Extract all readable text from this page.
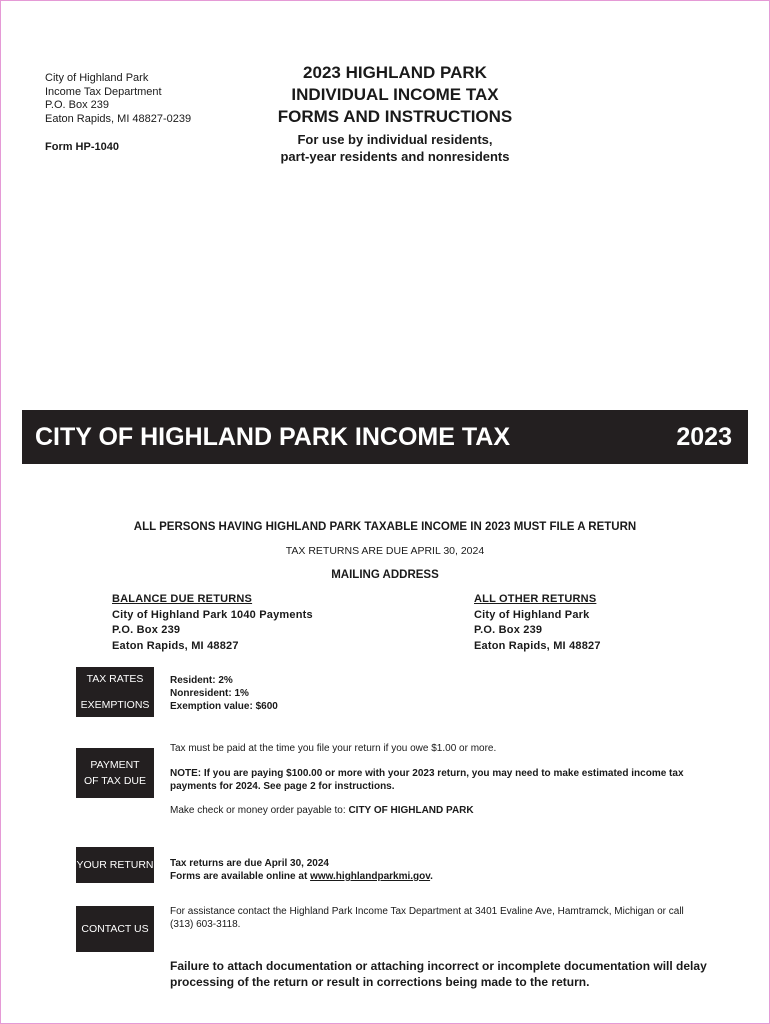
City of Highland Park
Income Tax Department
P.O. Box 239
Eaton Rapids, MI 48827-0239
Form HP-1040
2023 HIGHLAND PARK
INDIVIDUAL INCOME TAX
FORMS AND INSTRUCTIONS
For use by individual residents,
part-year residents and nonresidents
CITY OF HIGHLAND PARK INCOME TAX	2023
ALL PERSONS HAVING HIGHLAND PARK TAXABLE INCOME IN 2023 MUST FILE A RETURN
TAX RETURNS ARE DUE APRIL 30, 2024
MAILING ADDRESS
BALANCE DUE RETURNS
City of Highland Park 1040 Payments
P.O. Box 239
Eaton Rapids, MI 48827
ALL OTHER RETURNS
City of Highland Park
P.O. Box 239
Eaton Rapids, MI 48827
TAX RATES
EXEMPTIONS
Resident: 2%
Nonresident: 1%
Exemption value: $600
PAYMENT
OF TAX DUE
Tax must be paid at the time you file your return if you owe $1.00 or more.
NOTE: If you are paying $100.00 or more with your 2023 return, you may need to make estimated income tax
payments for 2024. See page 2 for instructions.
Make check or money order payable to: CITY OF HIGHLAND PARK
YOUR RETURN Tax returns are due April 30, 2024
Forms are available online at www.highlandparkmi.gov.
CONTACT US
For assistance contact the Highland Park Income Tax Department at 3401 Evaline Ave, Hamtramck, Michigan or call
(313) 603-3118.
Failure to attach documentation or attaching incorrect or incomplete documentation will delay
processing of the return or result in corrections being made to the return.
